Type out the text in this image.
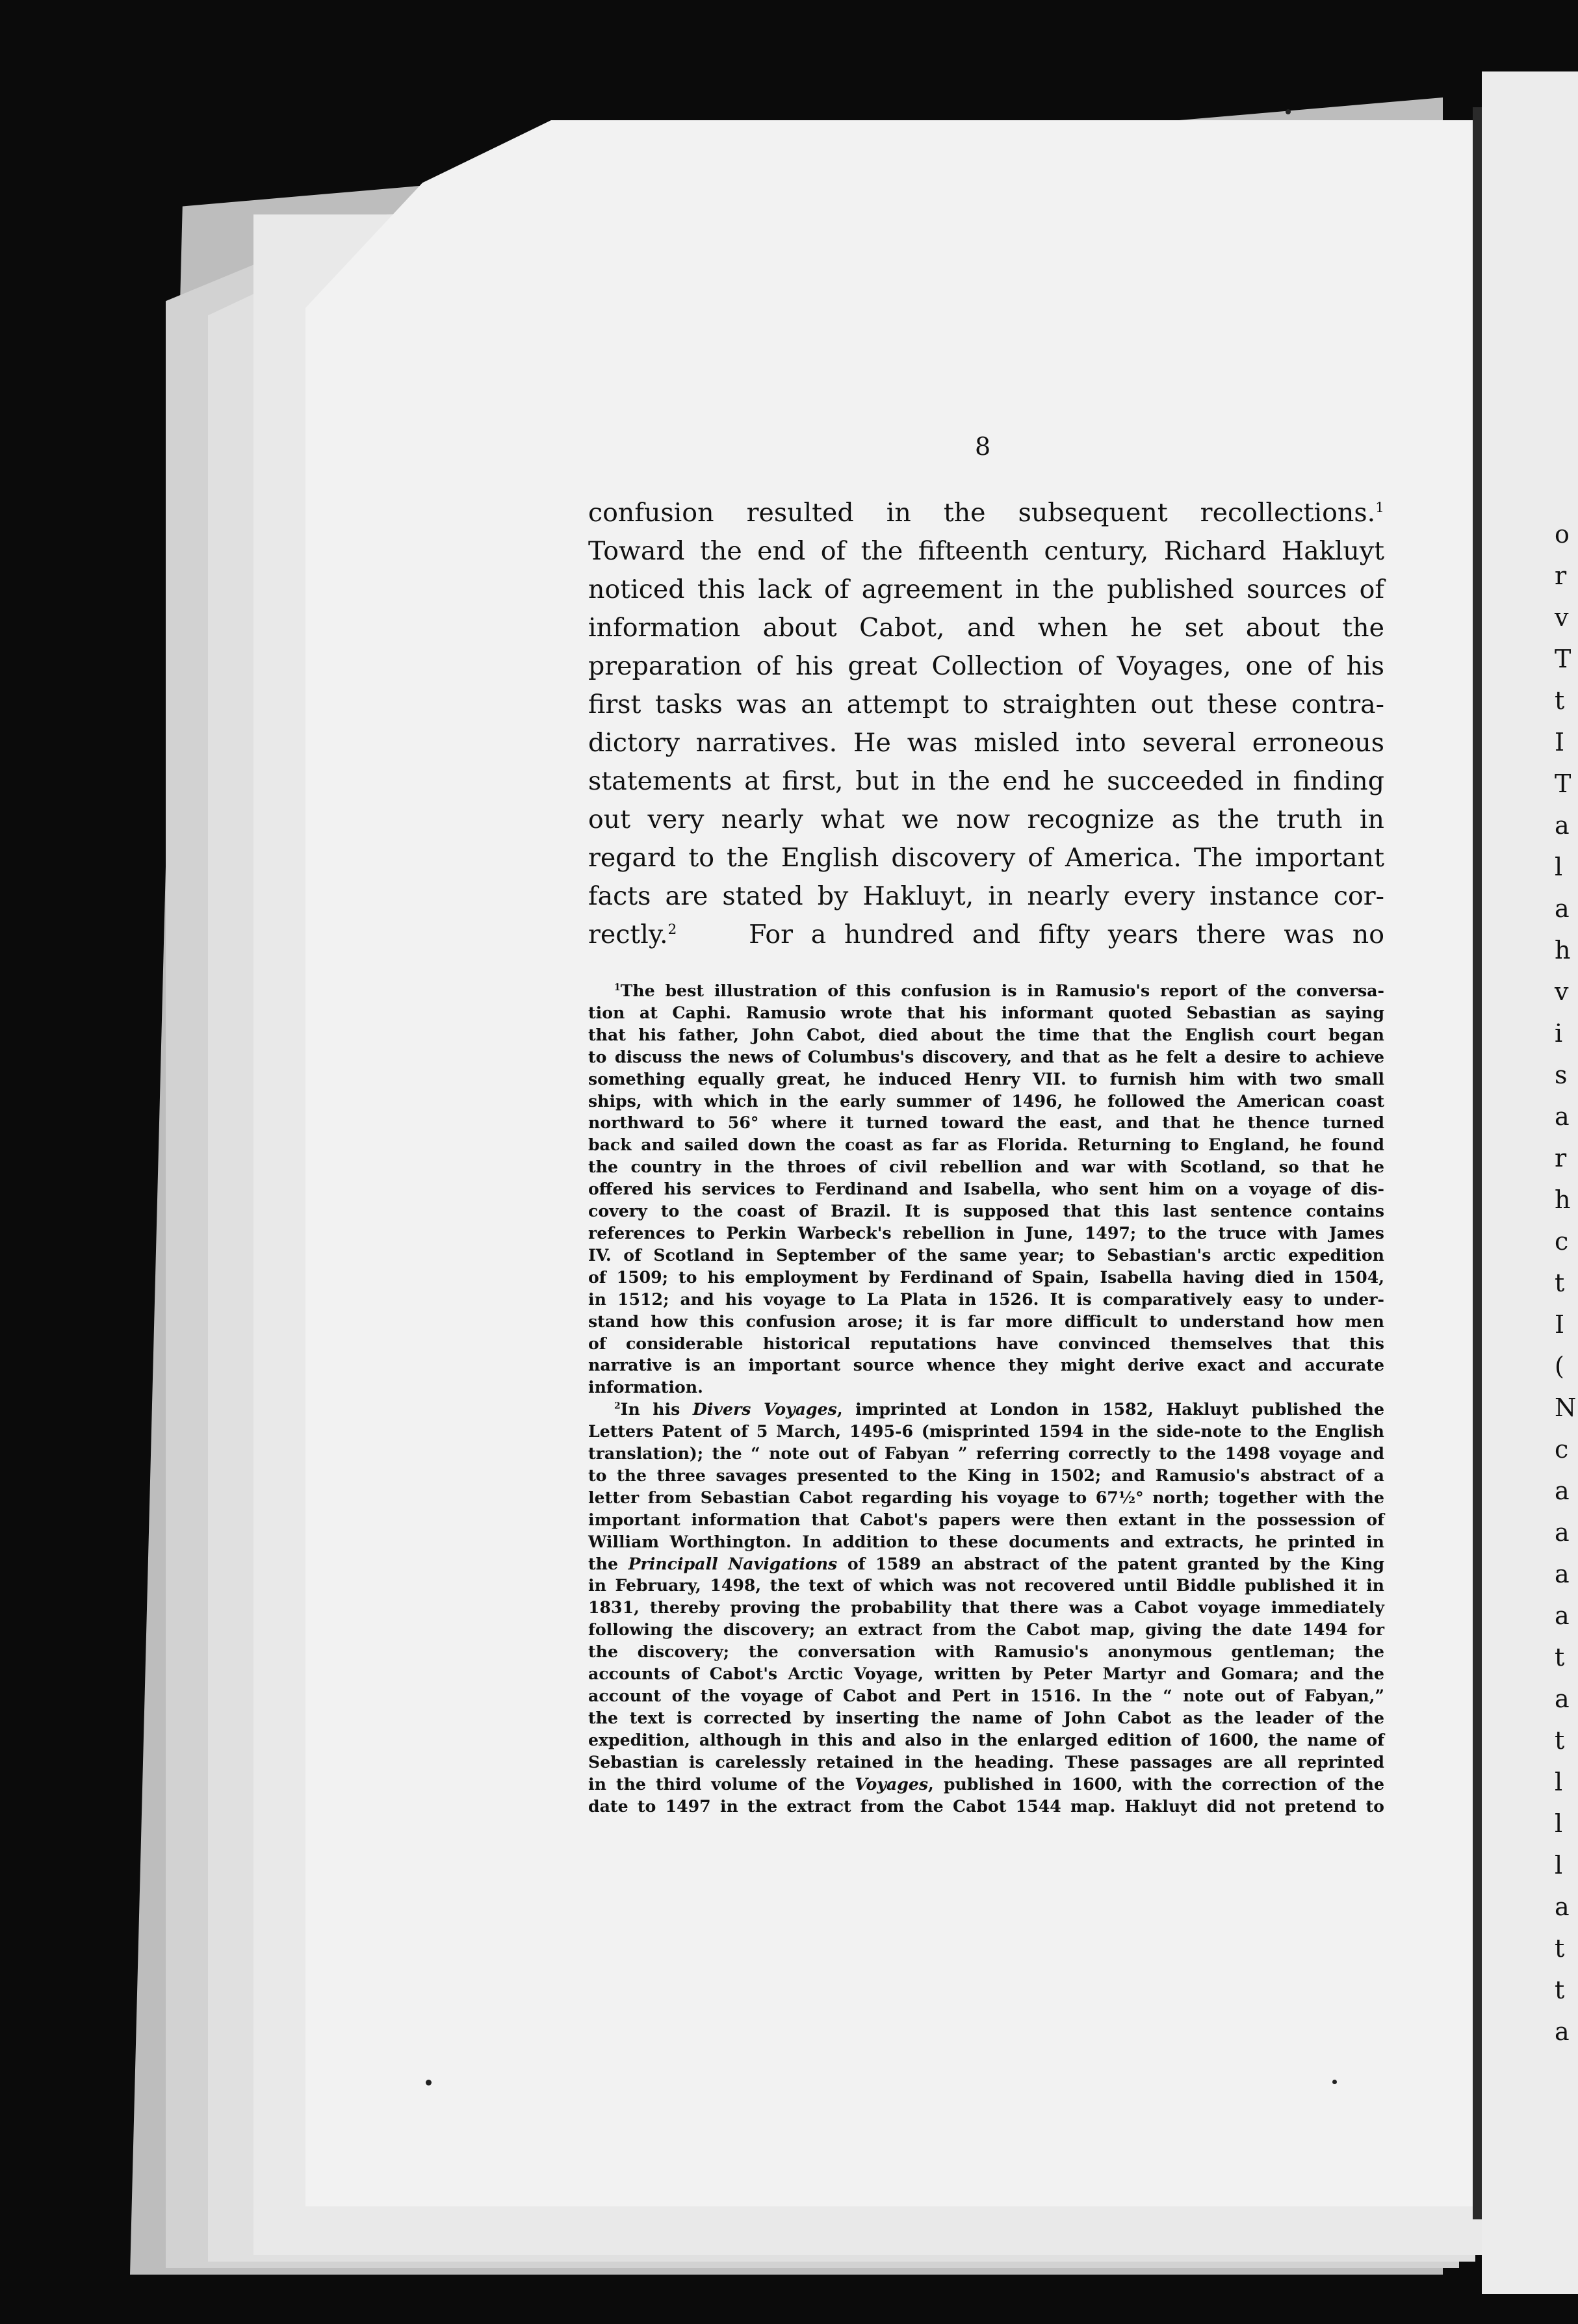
8
confusion resulted in the subsequent recollections.$^1$
Toward the end of the fifteenth century, Richard Hakluyt
noticed this lack of agreement in the published sources of
information about Cabot, and when he set about the
preparation of his great Collection of Voyages, one of his
first tasks was an attempt to straighten out these contra-
dictory narratives. He was misled into several erroneous
statements at first, but in the end he succeeded in finding
out very nearly what we now recognize as the truth in
regard to the English discovery of America. The important
facts are stated by Hakluyt, in nearly every instance cor-
rectly.$^2$	For a hundred and fifty years there was no
$^1$The best illustration of this confusion is in Ramusio's report of the conversa-
tion at Caphi. Ramusio wrote that his informant quoted Sebastian as saying
that his father, John Cabot, died about the time that the English court began
to discuss the news of Columbus's discovery, and that as he felt a desire to achieve
something equally great, he induced Henry VII. to furnish him with two small
ships, with which in the early summer of 1496, he followed the American coast
northward to 56° where it turned toward the east, and that he thence turned
back and sailed down the coast as far as Florida. Returning to England, he found
the country in the throes of civil rebellion and war with Scotland, so that he
offered his services to Ferdinand and Isabella, who sent him on a voyage of dis-
covery to the coast of Brazil. It is supposed that this last sentence contains
references to Perkin Warbeck's rebellion in June, 1497; to the truce with James
IV. of Scotland in September of the same year; to Sebastian's arctic expedition
of 1509; to his employment by Ferdinand of Spain, Isabella having died in 1504,
in 1512; and his voyage to La Plata in 1526. It is comparatively easy to under-
stand how this confusion arose; it is far more difficult to understand how men
of considerable historical reputations have convinced themselves that this
narrative is an important source whence they might derive exact and accurate
information.
$^2$In his Divers Voyages, imprinted at London in 1582, Hakluyt published the
Letters Patent of 5 March, 1495-6 (misprinted 1594 in the side-note to the English
translation); the “ note out of Fabyan ” referring correctly to the 1498 voyage and
to the three savages presented to the King in 1502; and Ramusio's abstract of a
letter from Sebastian Cabot regarding his voyage to 67½° north; together with the
important information that Cabot's papers were then extant in the possession of
William Worthington. In addition to these documents and extracts, he printed in
the Principall Navigations of 1589 an abstract of the patent granted by the King
in February, 1498, the text of which was not recovered until Biddle published it in
1831, thereby proving the probability that there was a Cabot voyage immediately
following the discovery; an extract from the Cabot map, giving the date 1494 for
the discovery; the conversation with Ramusio's anonymous gentleman; the
accounts of Cabot's Arctic Voyage, written by Peter Martyr and Gomara; and the
account of the voyage of Cabot and Pert in 1516. In the “ note out of Fabyan,”
the text is corrected by inserting the name of John Cabot as the leader of the
expedition, although in this and also in the enlarged edition of 1600, the name of
Sebastian is carelessly retained in the heading. These passages are all reprinted
in the third volume of the Voyages, published in 1600, with the correction of the
date to 1497 in the extract from the Cabot 1544 map. Hakluyt did not pretend to
o
r
v
T
t
I
T
a
l
a
h
v
i
s
a
r
h
c
t
I
(
N
c
a
a
a
a
t
a
t
l
l
l
a
t
t
a
